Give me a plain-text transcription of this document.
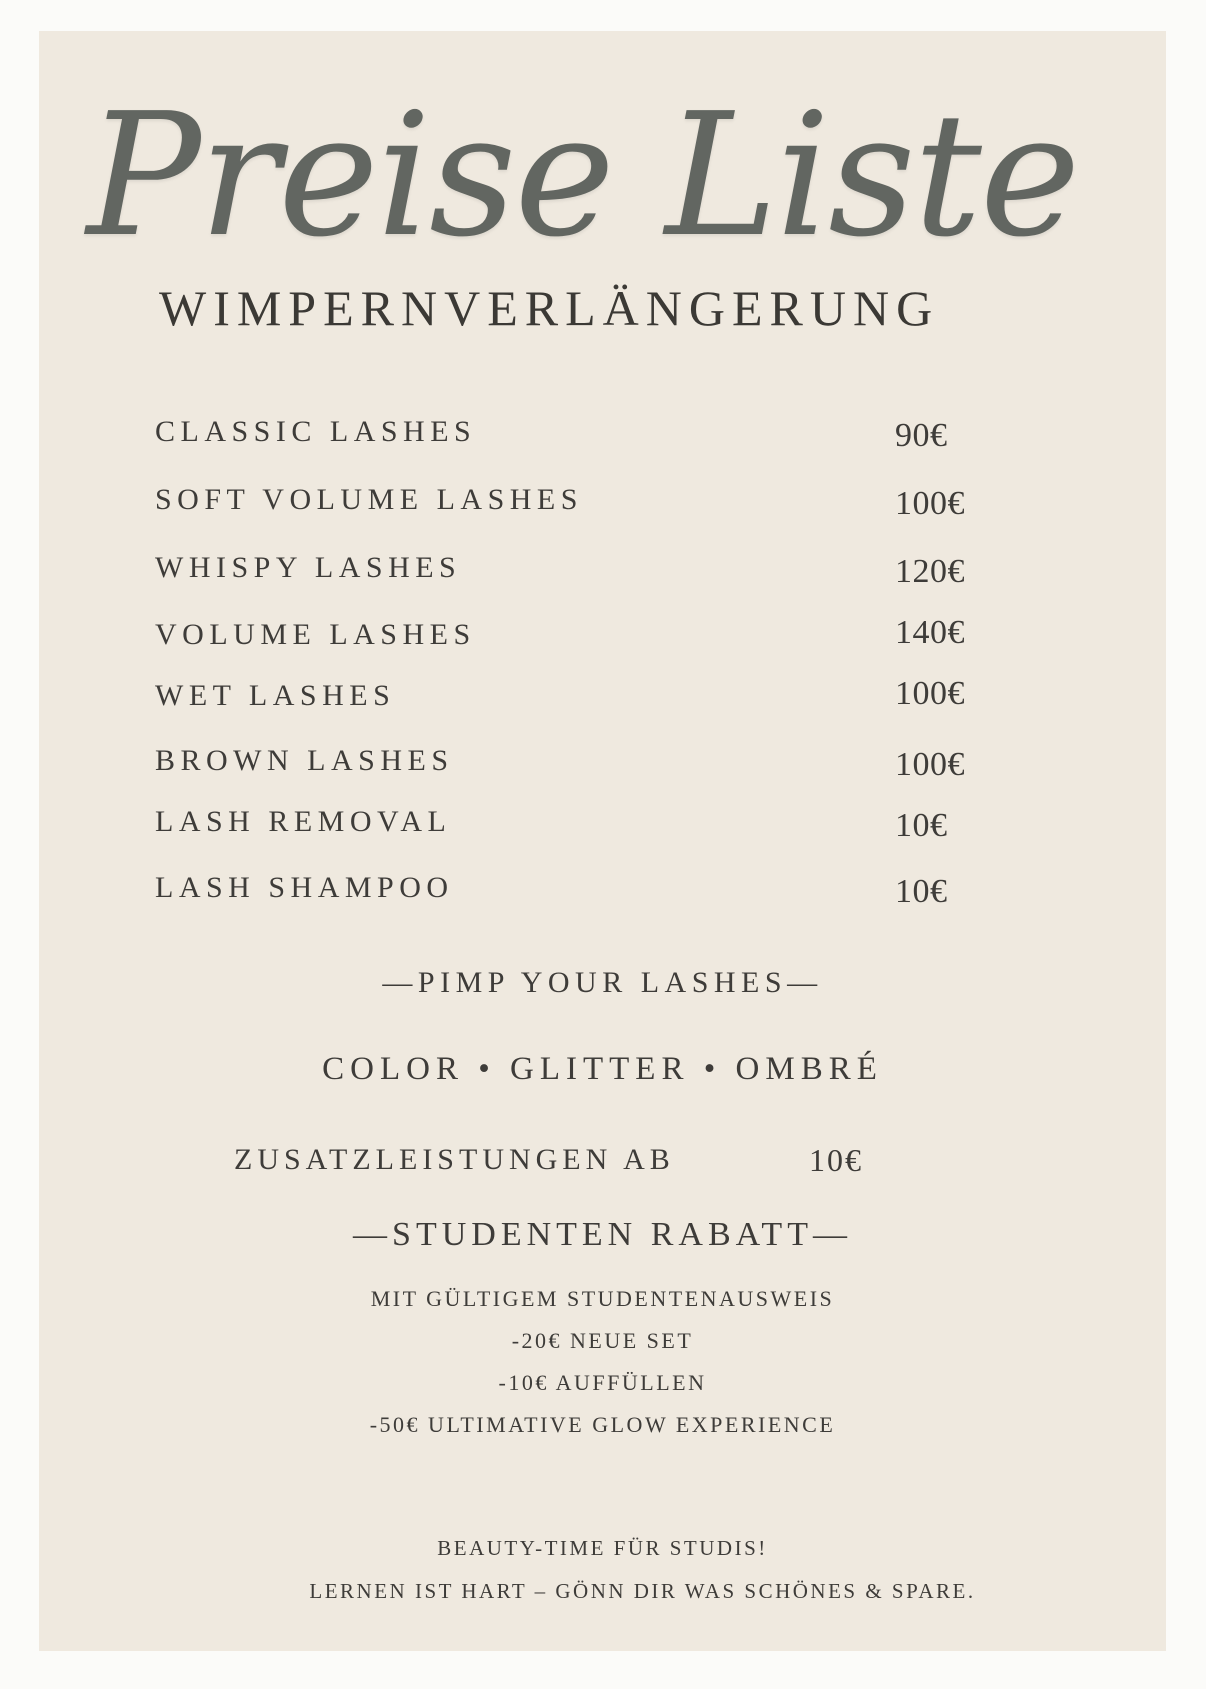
Preise Liste
WIMPERNVERLÄNGERUNG
CLASSIC LASHES	90€
SOFT VOLUME LASHES	100€
WHISPY LASHES	120€
VOLUME LASHES	140€
WET LASHES	100€
BROWN LASHES	100€
LASH REMOVAL	10€
LASH SHAMPOO	10€
—PIMP YOUR LASHES—
COLOR • GLITTER • OMBRÉ
ZUSATZLEISTUNGEN AB	10€
—STUDENTEN RABATT—
MIT GÜLTIGEM STUDENTENAUSWEIS
-20€ NEUE SET
-10€ AUFFÜLLEN
-50€ ULTIMATIVE GLOW EXPERIENCE
BEAUTY-TIME FÜR STUDIS!
LERNEN IST HART – GÖNN DIR WAS SCHÖNES & SPARE.
